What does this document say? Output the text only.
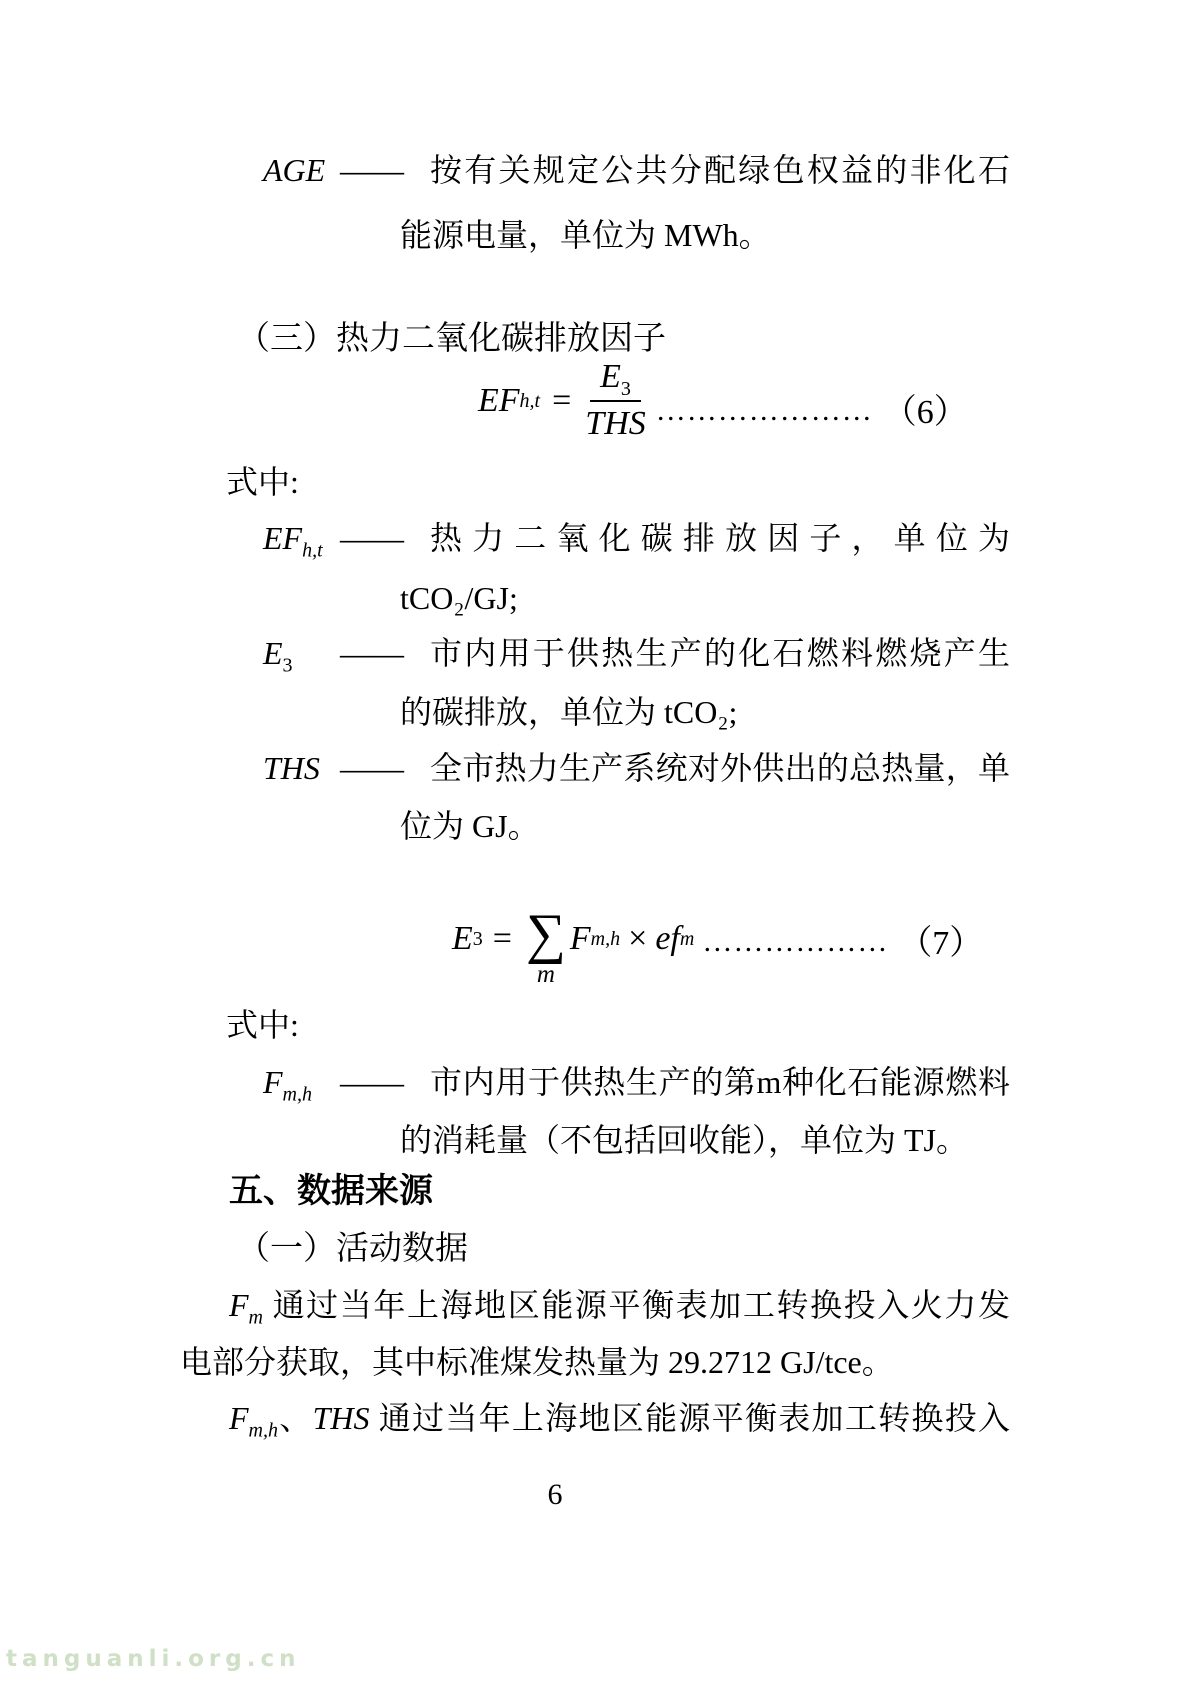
AGE —— 按有关规定公共分配绿色权益的非化石
能源电量，单位为 MWh。
（三）热力二氧化碳排放因子
EF $h,t = \frac{E_3}{\text{THS}}$ ………………… （6）
式中:
$EF_{h,t}$ —— 热力二氧化碳排放因子，单位为
tCO₂/GJ;
$E_3$ —— 市内用于供热生产的化石燃料燃烧产生
的碳排放，单位为 tCO₂;
THS —— 全市热力生产系统对外供出的总热量，单
位为 GJ。
E 3 = ∑
m
F m,h × ef m ……………… （7）
式中:
$F_{m,h}$ —— 市内用于供热生产的第m种化石能源燃料
的消耗量（不包括回收能），单位为 TJ。
五、数据来源
（一）活动数据
$F_m$ 通过当年上海地区能源平衡表加工转换投入火力发
电部分获取，其中标准煤发热量为 29.2712 GJ/tce。
$F_{m,h}$、THS 通过当年上海地区能源平衡表加工转换投入
6
tanguanli.org.cn
